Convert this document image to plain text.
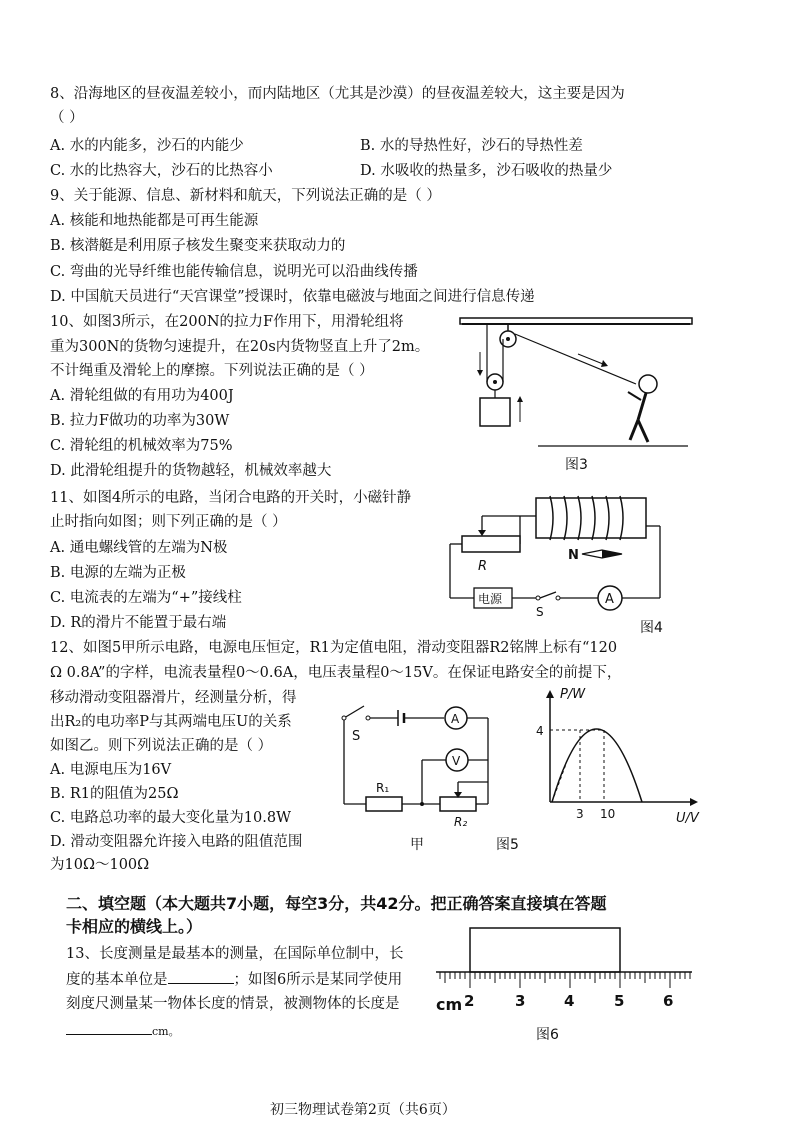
8、沿海地区的昼夜温差较小，而内陆地区（尤其是沙漠）的昼夜温差较大，这主要是因为
（ ）
A. 水的内能多，沙石的内能少	B. 水的导热性好，沙石的导热性差
C. 水的比热容大，沙石的比热容小	D. 水吸收的热量多，沙石吸收的热量少
9、关于能源、信息、新材料和航天，下列说法正确的是（ ）
A. 核能和地热能都是可再生能源
B. 核潜艇是利用原子核发生聚变来获取动力的
C. 弯曲的光导纤维也能传输信息，说明光可以沿曲线传播
D. 中国航天员进行“天宫课堂”授课时，依靠电磁波与地面之间进行信息传递
10、如图3所示，在200N的拉力F作用下，用滑轮组将
重为300N的货物匀速提升，在20s内货物竖直上升了2m。
不计绳重及滑轮上的摩擦。下列说法正确的是（ ）
A. 滑轮组做的有用功为400J
B. 拉力F做功的功率为30W
C. 滑轮组的机械效率为75%
D. 此滑轮组提升的货物越轻，机械效率越大	图3
11、如图4所示的电路，当闭合电路的开关时，小磁针静
止时指向如图；则下列正确的是（ ）
A. 通电螺线管的左端为N极
B. 电源的左端为正极
C. 电流表的左端为“+”接线柱
D. R的滑片不能置于最右端
R
N
电源
S
A
图4
12、如图5甲所示电路，电源电压恒定，R1为定值电阻，滑动变阻器R2铭牌上标有“120
Ω 0.8A”的字样，电流表量程0～0.6A，电压表量程0～15V。在保证电路安全的前提下，
移动滑动变阻器滑片，经测量分析，得
出R₂的电功率P与其两端电压U的关系
如图乙。则下列说法正确的是（ ）
A. 电源电压为16V
B. R1的阻值为25Ω
C. 电路总功率的最大变化量为10.8W
D. 滑动变阻器允许接入电路的阻值范围
为10Ω～100Ω
S
A
V
R₁
R₂
甲	图5
P/W
U/V
4
3 10
二、填空题（本大题共7小题，每空3分，共42分。把正确答案直接填在答题
卡相应的横线上。）
13、长度测量是最基本的测量，在国际单位制中，长
度的基本单位是	；如图6所示是某同学使用
刻度尺测量某一物体长度的情景，被测物体的长度是
cm。
cm 2	3	4	5	6
图6
初三物理试卷第2页（共6页）
